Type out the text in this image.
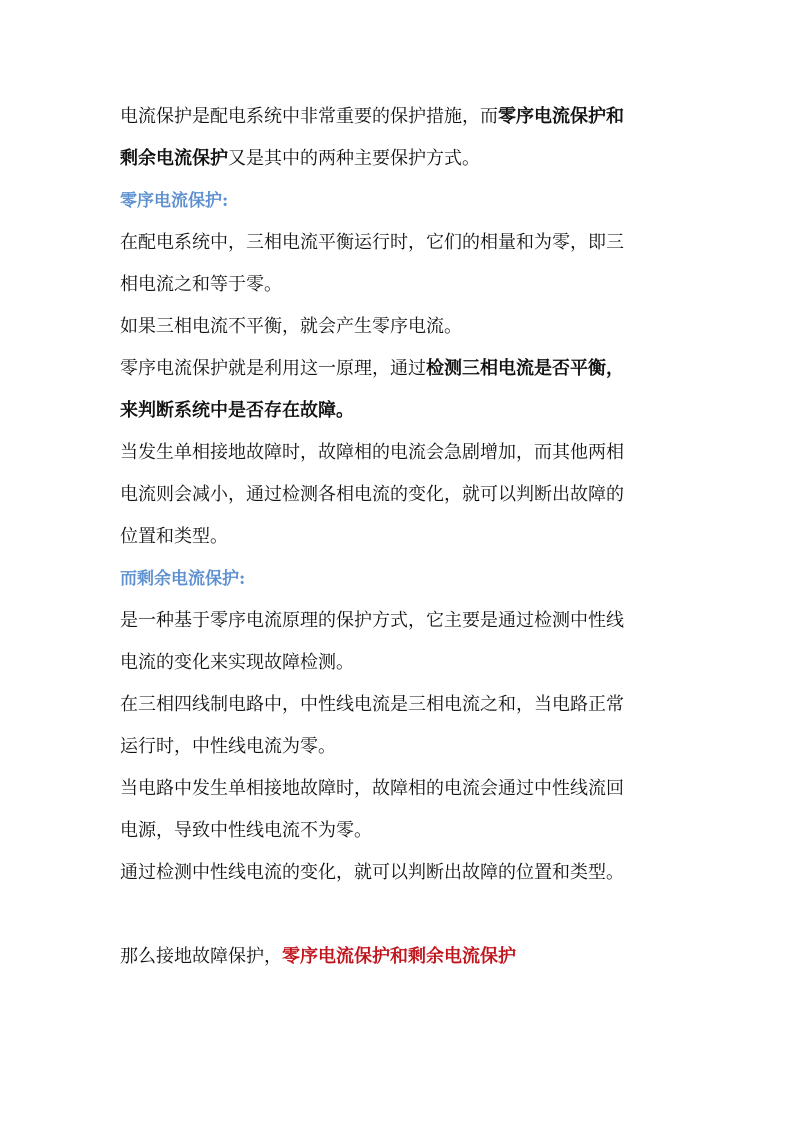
电流保护是配电系统中非常重要的保护措施，而零序电流保护和
剩余电流保护又是其中的两种主要保护方式。
零序电流保护:
在配电系统中，三相电流平衡运行时，它们的相量和为零，即三
相电流之和等于零。
如果三相电流不平衡，就会产生零序电流。
零序电流保护就是利用这一原理，通过检测三相电流是否平衡，
来判断系统中是否存在故障。
当发生单相接地故障时，故障相的电流会急剧增加，而其他两相
电流则会减小，通过检测各相电流的变化，就可以判断出故障的
位置和类型。
而剩余电流保护:
是一种基于零序电流原理的保护方式，它主要是通过检测中性线
电流的变化来实现故障检测。
在三相四线制电路中，中性线电流是三相电流之和，当电路正常
运行时，中性线电流为零。
当电路中发生单相接地故障时，故障相的电流会通过中性线流回
电源，导致中性线电流不为零。
通过检测中性线电流的变化，就可以判断出故障的位置和类型。
那么接地故障保护，零序电流保护和剩余电流保护
